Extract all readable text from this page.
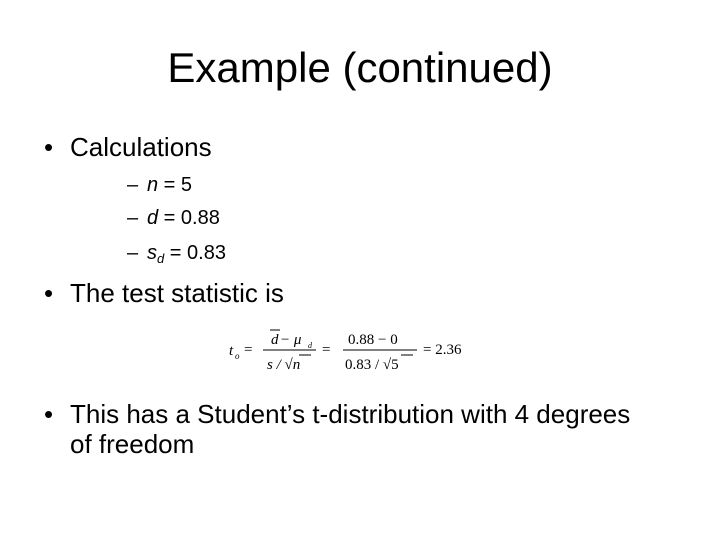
Example (continued)
• Calculations
– n = 5
– d = 0.88
– $s_d = 0.83$
• The test statistic is
t o =
d − μ d
s / √n
=
0.88 − 0
0.83 / √5
= 2.36
• This has a Student’s t-distribution with 4 degrees
of freedom
